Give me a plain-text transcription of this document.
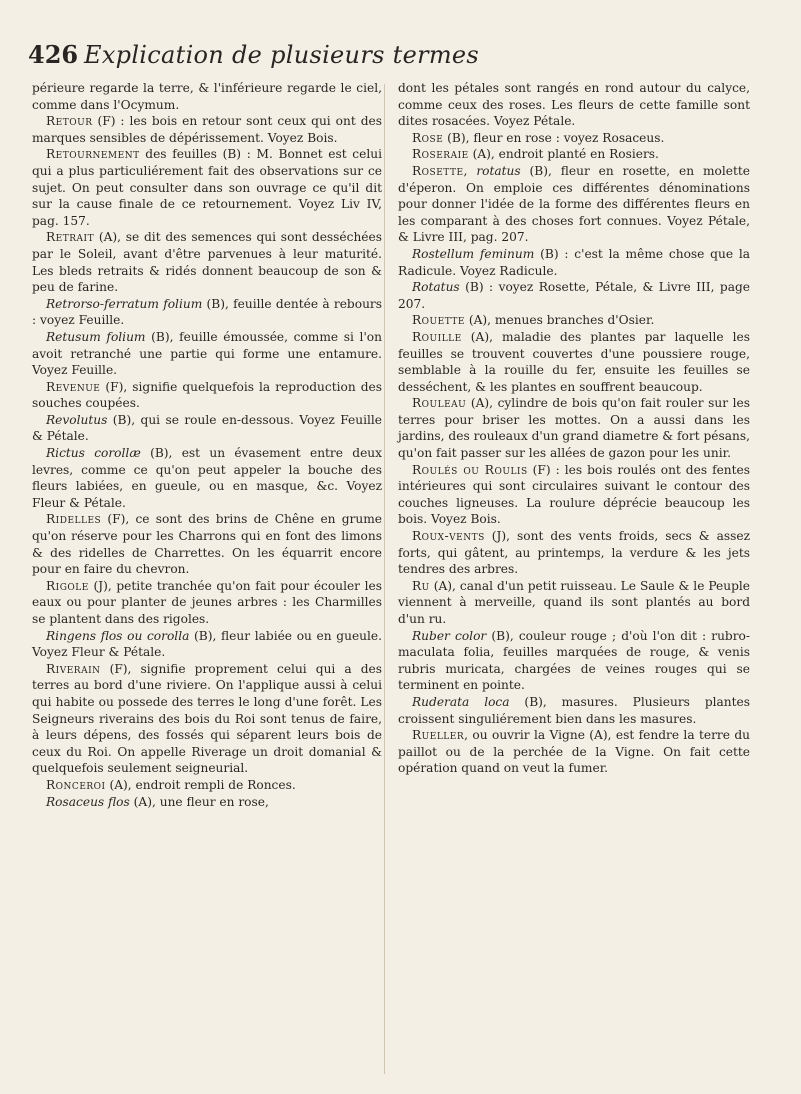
426 Explication de plusieurs termes

périeure regarde la terre, & l'inférieure regarde le ciel, comme dans l'Ocymum.

Retour (F) : les bois en retour sont ceux qui ont des marques sensibles de dépérissement. Voyez Bois.

Retournement des feuilles (B) : M. Bonnet est celui qui a plus particuliérement fait des observations sur ce sujet. On peut consulter dans son ouvrage ce qu'il dit sur la cause finale de ce retournement. Voyez Liv IV, pag. 157.

Retrait (A), se dit des semences qui sont desséchées par le Soleil, avant d'être parvenues à leur maturité. Les bleds retraits & ridés donnent beaucoup de son & peu de farine.

Retrorso-ferratum folium (B), feuille dentée à rebours : voyez Feuille.

Retusum folium (B), feuille émoussée, comme si l'on avoit retranché une partie qui forme une entamure. Voyez Feuille.

Revenue (F), signifie quelquefois la reproduction des souches coupées.

Revolutus (B), qui se roule en-dessous. Voyez Feuille & Pétale.

Rictus corollæ (B), est un évasement entre deux levres, comme ce qu'on peut appeler la bouche des fleurs labiées, en gueule, ou en masque, &c. Voyez Fleur & Pétale.

Ridelles (F), ce sont des brins de Chêne en grume qu'on réserve pour les Charrons qui en font des limons & des ridelles de Charrettes. On les équarrit encore pour en faire du chevron.

Rigole (J), petite tranchée qu'on fait pour écouler les eaux ou pour planter de jeunes arbres : les Charmilles se plantent dans des rigoles.

Ringens flos ou corolla (B), fleur labiée ou en gueule. Voyez Fleur & Pétale.

Riverain (F), signifie proprement celui qui a des terres au bord d'une riviere. On l'applique aussi à celui qui habite ou possede des terres le long d'une forêt. Les Seigneurs riverains des bois du Roi sont tenus de faire, à leurs dépens, des fossés qui séparent leurs bois de ceux du Roi. On appelle Riverage un droit domanial & quelquefois seulement seigneurial.

Ronceroi (A), endroit rempli de Ronces.

Rosaceus flos (A), une fleur en rose,

dont les pétales sont rangés en rond autour du calyce, comme ceux des roses. Les fleurs de cette famille sont dites rosacées. Voyez Pétale.

Rose (B), fleur en rose : voyez Rosaceus.

Roseraie (A), endroit planté en Rosiers.

Rosette, rotatus (B), fleur en rosette, en molette d'éperon. On emploie ces différentes dénominations pour donner l'idée de la forme des différentes fleurs en les comparant à des choses fort connues. Voyez Pétale, & Livre III, pag. 207.

Rostellum feminum (B) : c'est la même chose que la Radicule. Voyez Radicule.

Rotatus (B) : voyez Rosette, Pétale, & Livre III, page 207.

Rouette (A), menues branches d'Osier.

Rouille (A), maladie des plantes par laquelle les feuilles se trouvent couvertes d'une poussiere rouge, semblable à la rouille du fer, ensuite les feuilles se desséchent, & les plantes en souffrent beaucoup.

Rouleau (A), cylindre de bois qu'on fait rouler sur les terres pour briser les mottes. On a aussi dans les jardins, des rouleaux d'un grand diametre & fort pésans, qu'on fait passer sur les allées de gazon pour les unir.

Roulés ou Roulis (F) : les bois roulés ont des fentes intérieures qui sont circulaires suivant le contour des couches ligneuses. La roulure déprécie beaucoup les bois. Voyez Bois.

Roux-vents (J), sont des vents froids, secs & assez forts, qui gâtent, au printemps, la verdure & les jets tendres des arbres.

Ru (A), canal d'un petit ruisseau. Le Saule & le Peuple viennent à merveille, quand ils sont plantés au bord d'un ru.

Ruber color (B), couleur rouge ; d'où l'on dit : rubro-maculata folia, feuilles marquées de rouge, & venis rubris muricata, chargées de veines rouges qui se terminent en pointe.

Ruderata loca (B), masures. Plusieurs plantes croissent singuliérement bien dans les masures.

Rueller, ou ouvrir la Vigne (A), est fendre la terre du paillot ou de la perchée de la Vigne. On fait cette opération quand on veut la fumer.
